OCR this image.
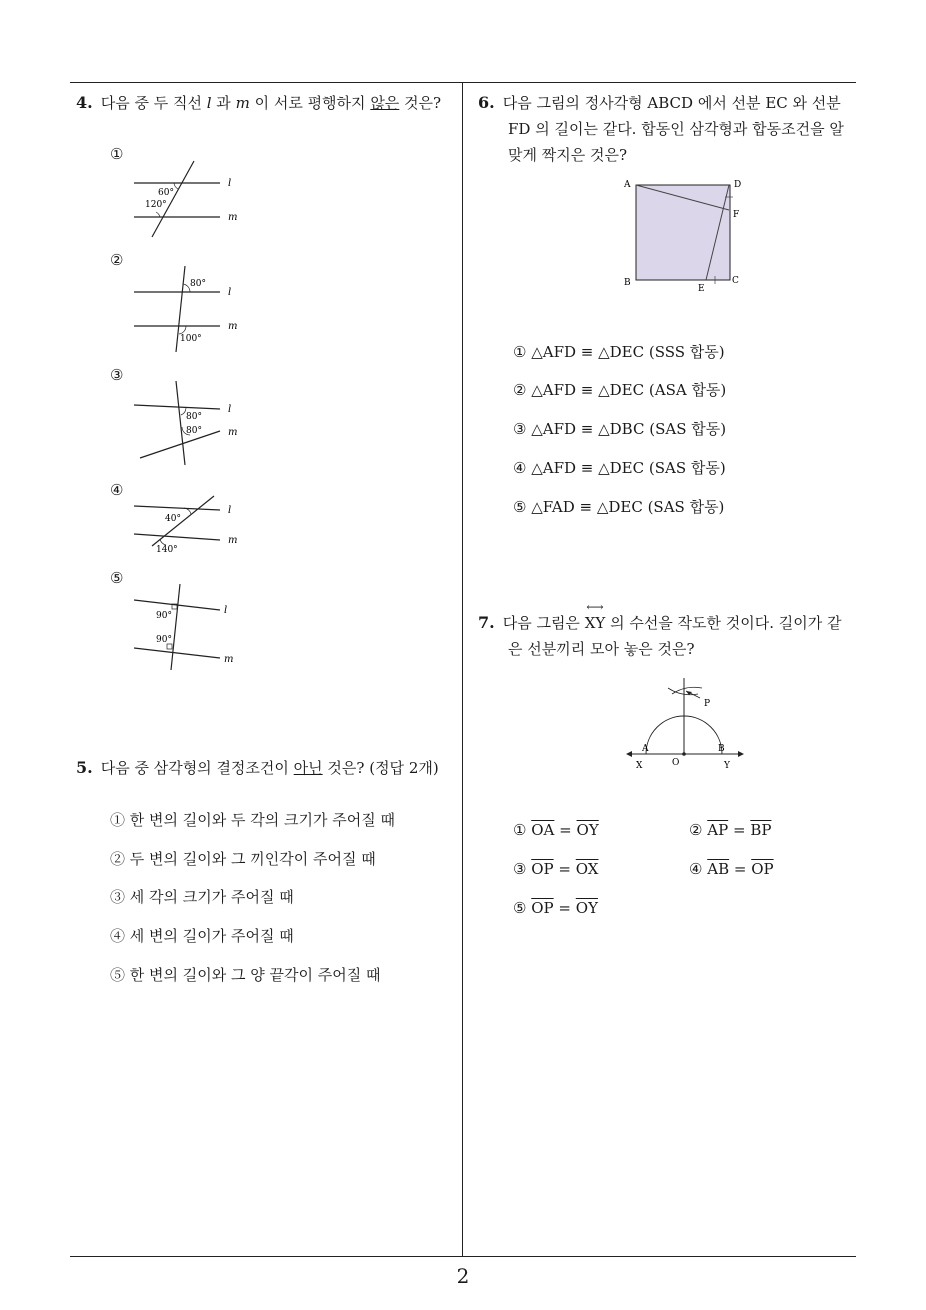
4. 다음 중 두 직선 l 과 m 이 서로 평행하지 않은 것은?
①
60°
120°
l
m
②
80°
100°
l
m
③
80°
80°
l
m
④
40°
140°
l
m
⑤
90°
90°
l
m
5. 다음 중 삼각형의 결정조건이 아닌 것은? (정답 2개)
① 한 변의 길이와 두 각의 크기가 주어질 때
② 두 변의 길이와 그 끼인각이 주어질 때
③ 세 각의 크기가 주어질 때
④ 세 변의 길이가 주어질 때
⑤ 한 변의 길이와 그 양 끝각이 주어질 때
6. 다음 그림의 정사각형 ABCD 에서 선분 EC 와 선분
FD 의 길이는 같다. 합동인 삼각형과 합동조건을 알
맞게 짝지은 것은?
A	D
F
B	C
E
① △AFD ≡ △DEC (SSS 합동)
② △AFD ≡ △DEC (ASA 합동)
③ △AFD ≡ △DBC (SAS 합동)
④ △AFD ≡ △DEC (SAS 합동)
⑤ △FAD ≡ △DEC (SAS 합동)
7. 다음 그림은
⟷
XY 의 수선을 작도한 것이다. 길이가 같
은 선분끼리 모아 놓은 것은?
P
A	B
X	O	Y
① $\overline{OA} = \overline{OY}$	② $\overline{AP} = \overline{BP}$
③ $\overline{OP} = \overline{OX}$	④ $\overline{AB} = \overline{OP}$
⑤ $\overline{OP} = \overline{OY}$
2
